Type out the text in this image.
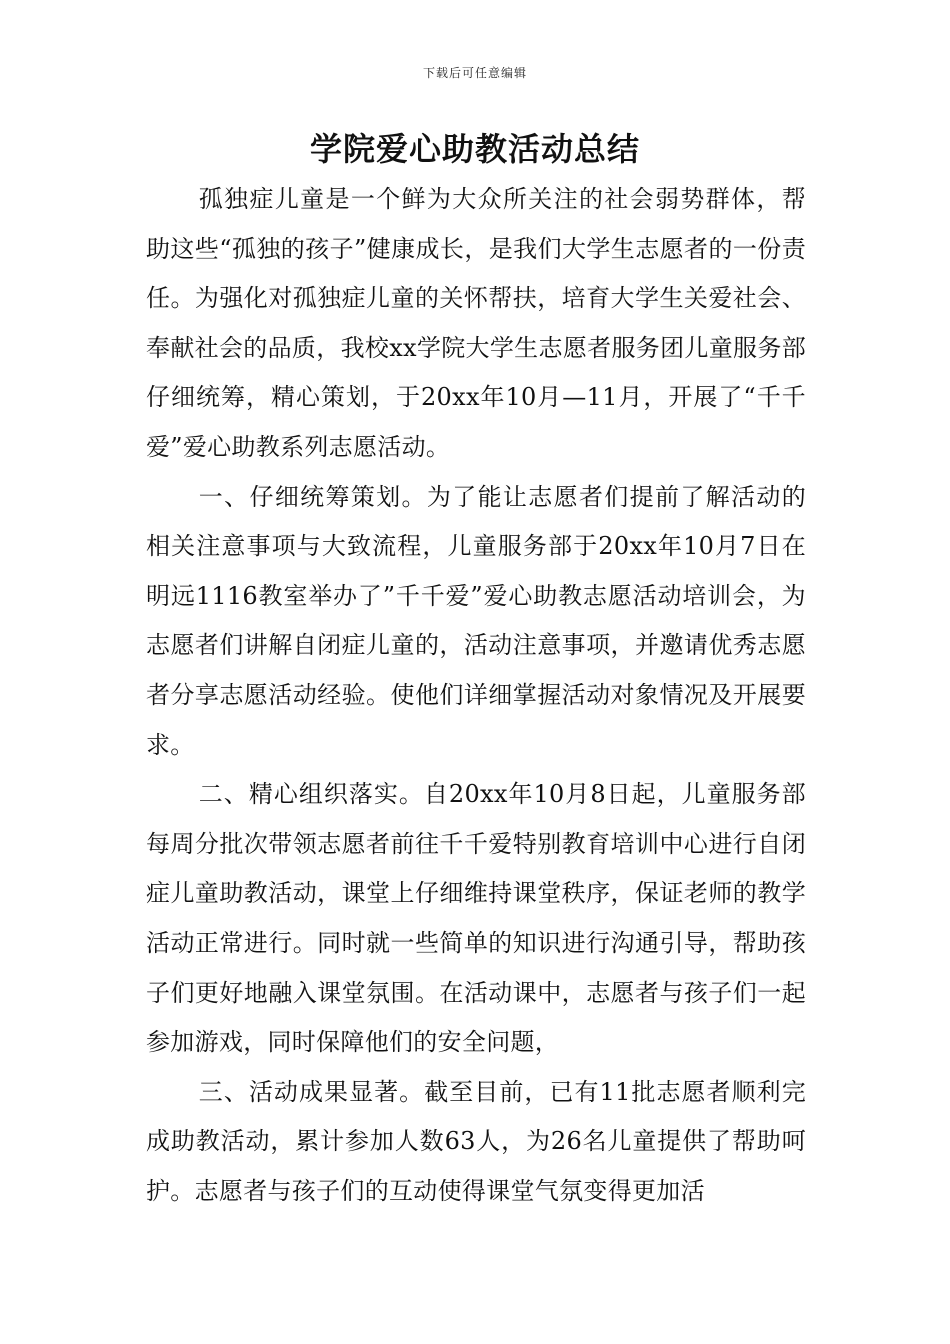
下载后可任意编辑
学院爱心助教活动总结

孤独症儿童是一个鲜为大众所关注的社会弱势群体，帮助这些“孤独的孩子”健康成长，是我们大学生志愿者的一份责任。为强化对孤独症儿童的关怀帮扶，培育大学生关爱社会、奉献社会的品质，我校xx学院大学生志愿者服务团儿童服务部仔细统筹，精心策划，于20xx年10月—11月，开展了“千千爱”爱心助教系列志愿活动。

一、仔细统筹策划。为了能让志愿者们提前了解活动的相关注意事项与大致流程，儿童服务部于20xx年10月7日在明远1116教室举办了”千千爱”爱心助教志愿活动培训会，为志愿者们讲解自闭症儿童的，活动注意事项，并邀请优秀志愿者分享志愿活动经验。使他们详细掌握活动对象情况及开展要求。

二、精心组织落实。自20xx年10月8日起，儿童服务部每周分批次带领志愿者前往千千爱特别教育培训中心进行自闭症儿童助教活动，课堂上仔细维持课堂秩序，保证老师的教学活动正常进行。同时就一些简单的知识进行沟通引导，帮助孩子们更好地融入课堂氛围。在活动课中，志愿者与孩子们一起参加游戏，同时保障他们的安全问题，

三、活动成果显著。截至目前，已有11批志愿者顺利完成助教活动，累计参加人数63人，为26名儿童提供了帮助呵护。志愿者与孩子们的互动使得课堂气氛变得更加活
